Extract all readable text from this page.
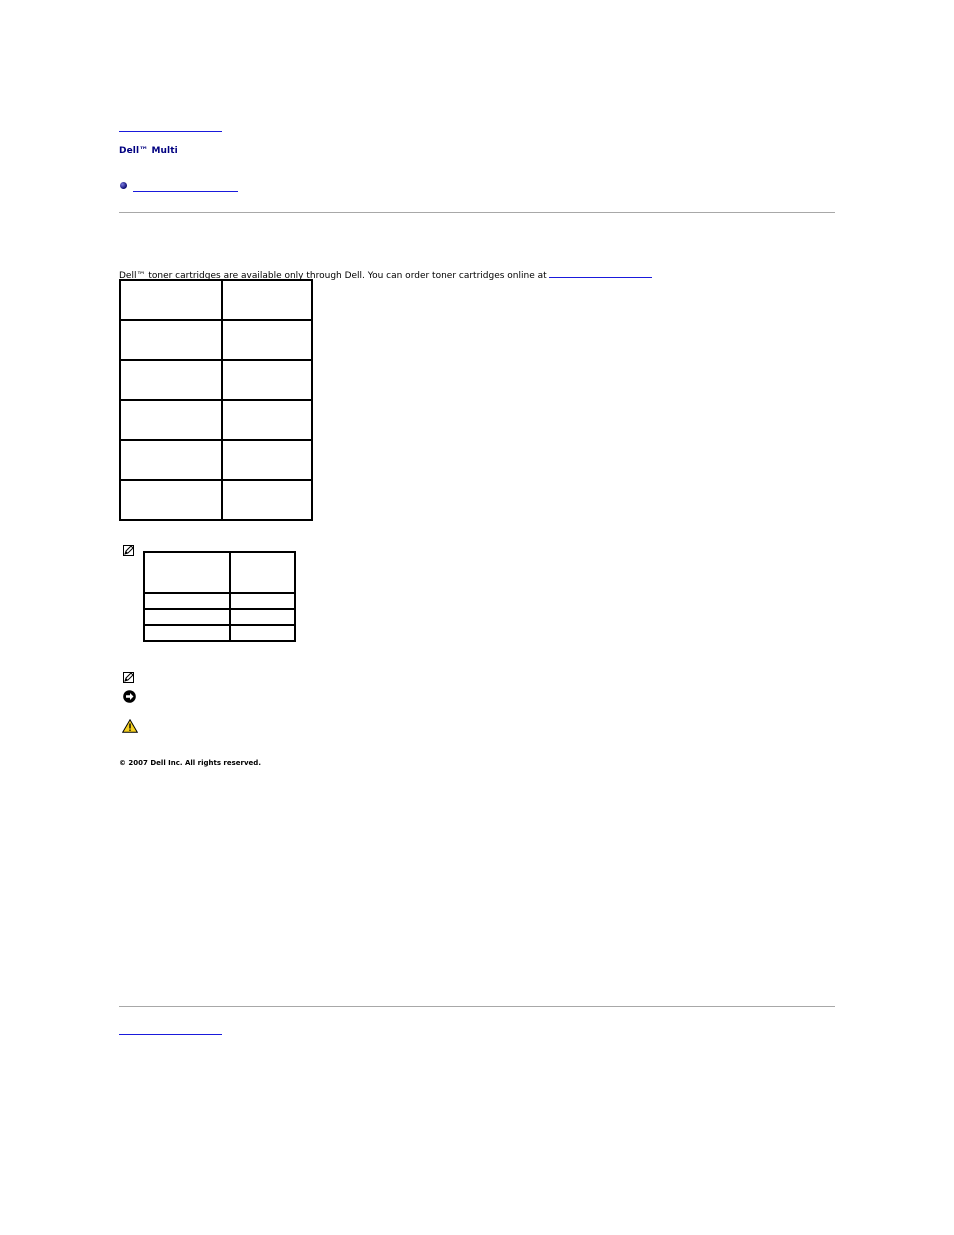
Dell™ Multi
Dell™ toner cartridges are available only through Dell. You can order toner cartridges online at

© 2007 Dell Inc. All rights reserved.
